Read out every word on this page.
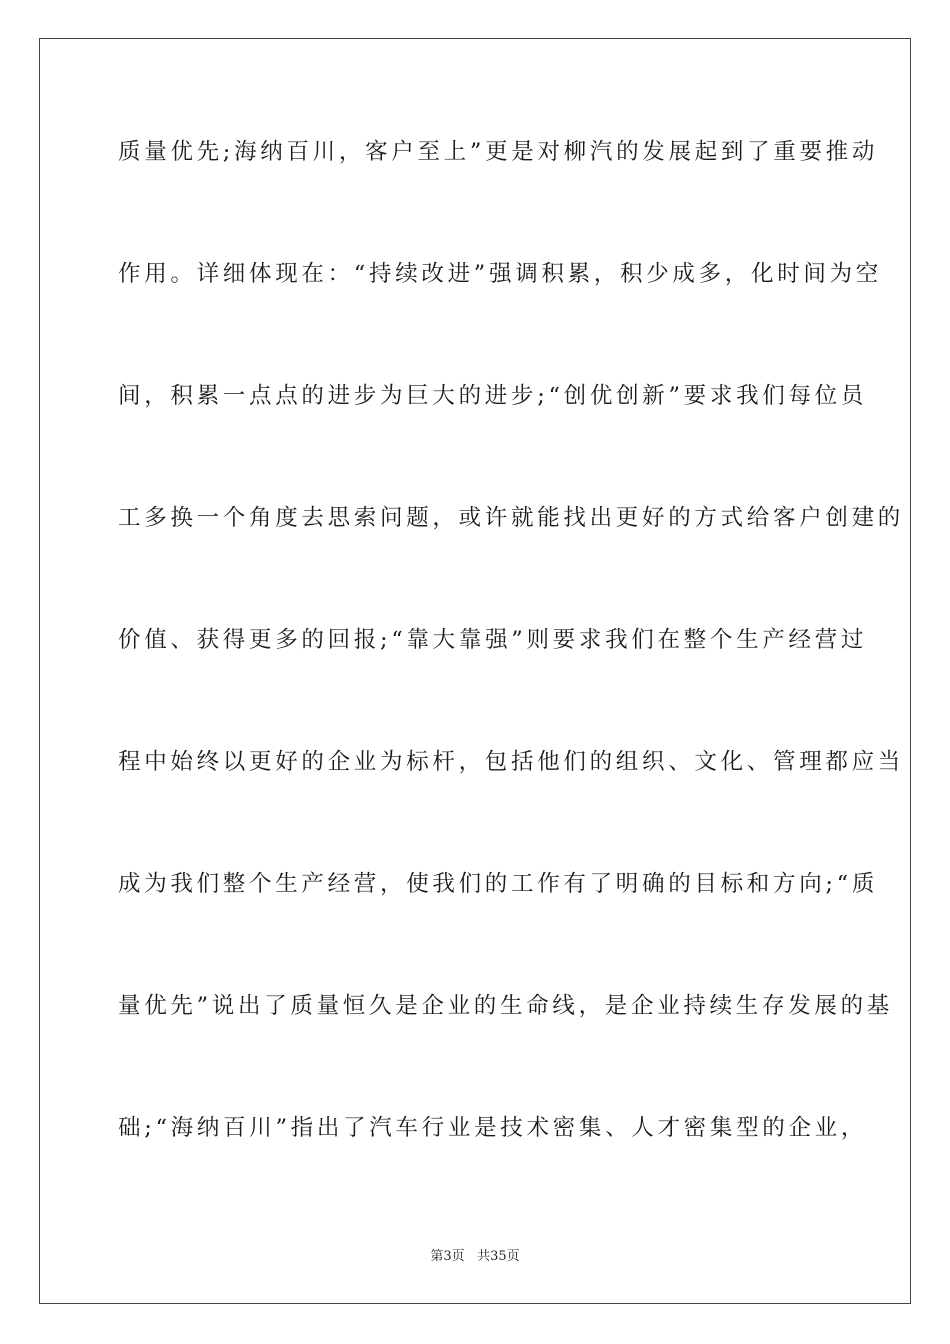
质量优先;海纳百川，客户至上”更是对柳汽的发展起到了重要推动
作用。详细体现在：“持续改进”强调积累，积少成多，化时间为空
间，积累一点点的进步为巨大的进步;“创优创新”要求我们每位员
工多换一个角度去思索问题，或许就能找出更好的方式给客户创建的
价值、获得更多的回报;“靠大靠强”则要求我们在整个生产经营过
程中始终以更好的企业为标杆，包括他们的组织、文化、管理都应当
成为我们整个生产经营，使我们的工作有了明确的目标和方向;“质
量优先”说出了质量恒久是企业的生命线，是企业持续生存发展的基
础;“海纳百川”指出了汽车行业是技术密集、人才密集型的企业，
第3页 共35页
